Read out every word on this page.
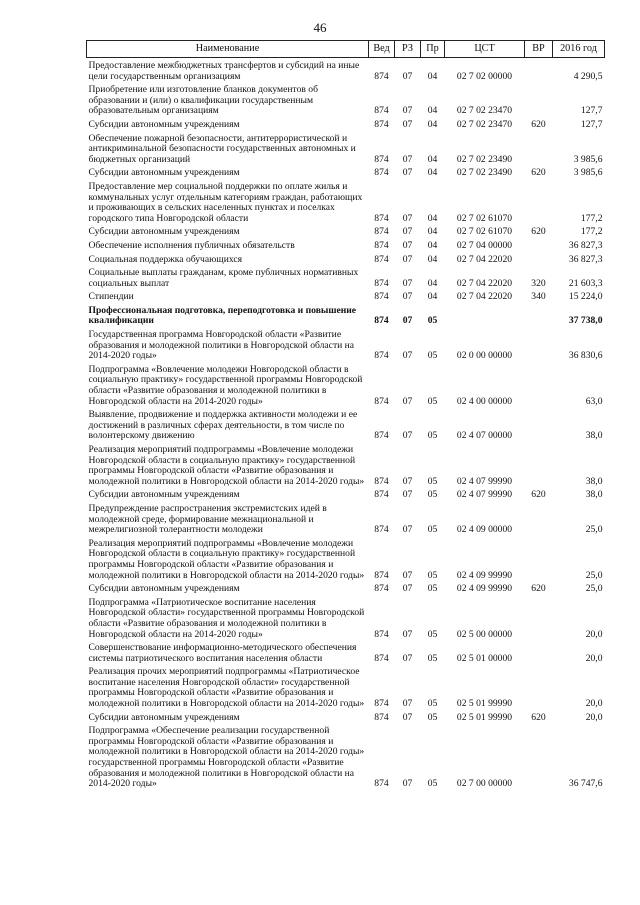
46
Наименование	Вед	РЗ	Пр	ЦСТ	ВР	2016 год
Предоставление межбюджетных трансфертов и субсидий на иные цели государственным организациям	874	07	04	02 7 02 00000		4 290,5
Приобретение или изготовление бланков документов об образовании и (или) о квалификации государственным образовательным организациям	874	07	04	02 7 02 23470		127,7
Субсидии автономным учреждениям	874	07	04	02 7 02 23470	620	127,7
Обеспечение пожарной безопасности, антитеррористической и антикриминальной безопасности государственных автономных и бюджетных организаций	874	07	04	02 7 02 23490		3 985,6
Субсидии автономным учреждениям	874	07	04	02 7 02 23490	620	3 985,6
Предоставление мер социальной поддержки по оплате жилья и коммунальных услуг отдельным категориям граждан, работающих и проживающих в сельских населенных пунктах и поселках городского типа Новгородской области	874	07	04	02 7 02 61070		177,2
Субсидии автономным учреждениям	874	07	04	02 7 02 61070	620	177,2
Обеспечение исполнения публичных обязательств	874	07	04	02 7 04 00000		36 827,3
Социальная поддержка обучающихся	874	07	04	02 7 04 22020		36 827,3
Социальные выплаты гражданам, кроме публичных нормативных социальных выплат	874	07	04	02 7 04 22020	320	21 603,3
Стипендии	874	07	04	02 7 04 22020	340	15 224,0
Профессиональная подготовка, переподготовка и повышение квалификации	874	07	05			37 738,0
Государственная программа Новгородской области «Развитие образования и молодежной политики в Новгородской области на 2014-2020 годы»	874	07	05	02 0 00 00000		36 830,6
Подпрограмма «Вовлечение молодежи Новгородской области в социальную практику» государственной программы Новгородской области «Развитие образования и молодежной политики в Новгородской области на 2014-2020 годы»	874	07	05	02 4 00 00000		63,0
Выявление, продвижение и поддержка активности молодежи и ее достижений в различных сферах деятельности, в том числе по волонтерскому движению	874	07	05	02 4 07 00000		38,0
Реализация мероприятий подпрограммы «Вовлечение молодежи Новгородской области в социальную практику» государственной программы Новгородской области «Развитие образования и молодежной политики в Новгородской области на 2014-2020 годы»	874	07	05	02 4 07 99990		38,0
Субсидии автономным учреждениям	874	07	05	02 4 07 99990	620	38,0
Предупреждение распространения экстремистских идей в молодежной среде, формирование межнациональной и межрелигиозной толерантности молодежи	874	07	05	02 4 09 00000		25,0
Реализация мероприятий подпрограммы «Вовлечение молодежи Новгородской области в социальную практику» государственной программы Новгородской области «Развитие образования и молодежной политики в Новгородской области на 2014-2020 годы»	874	07	05	02 4 09 99990		25,0
Субсидии автономным учреждениям	874	07	05	02 4 09 99990	620	25,0
Подпрограмма «Патриотическое воспитание населения Новгородской области» государственной программы Новгородской области «Развитие образования и молодежной политики в Новгородской области на 2014-2020 годы»	874	07	05	02 5 00 00000		20,0
Совершенствование информационно-методического обеспечения системы патриотического воспитания населения области	874	07	05	02 5 01 00000		20,0
Реализация прочих мероприятий подпрограммы «Патриотическое воспитание населения Новгородской области» государственной программы Новгородской области «Развитие образования и молодежной политики в Новгородской области на 2014-2020 годы»	874	07	05	02 5 01 99990		20,0
Субсидии автономным учреждениям	874	07	05	02 5 01 99990	620	20,0
Подпрограмма «Обеспечение реализации государственной программы Новгородской области «Развитие образования и молодежной политики в Новгородской области на 2014-2020 годы» государственной программы Новгородской области «Развитие образования и молодежной политики в Новгородской области на 2014-2020 годы»	874	07	05	02 7 00 00000		36 747,6
